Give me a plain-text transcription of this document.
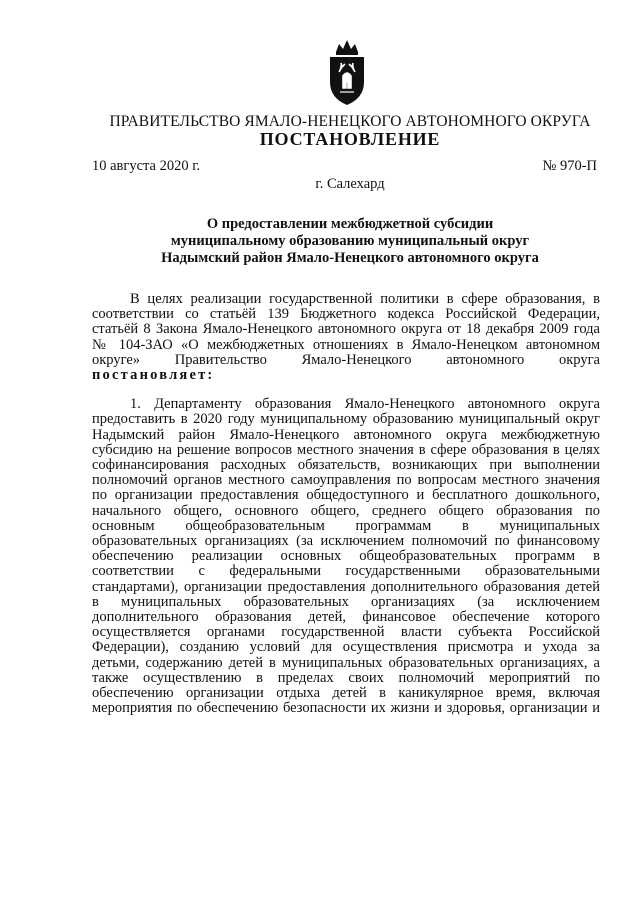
ПРАВИТЕЛЬСТВО ЯМАЛО-НЕНЕЦКОГО АВТОНОМНОГО ОКРУГА
ПОСТАНОВЛЕНИЕ
10 августа 2020 г.	№ 970-П
г. Салехард
О предоставлении межбюджетной субсидии
муниципальному образованию муниципальный округ
Надымский район Ямало-Ненецкого автономного округа
В целях реализации государственной политики в сфере образования, в
соответствии со статьёй 139 Бюджетного кодекса Российской Федерации,
статьёй 8 Закона Ямало-Ненецкого автономного округа от 18 декабря 2009 года
№ 104-ЗАО «О межбюджетных отношениях в Ямало-Ненецком автономном
округе» Правительство Ямало-Ненецкого автономного округа
постановляет:
1. Департаменту образования Ямало-Ненецкого автономного округа
предоставить в 2020 году муниципальному образованию муниципальный округ
Надымский район Ямало-Ненецкого автономного округа межбюджетную
субсидию на решение вопросов местного значения в сфере образования в целях
софинансирования расходных обязательств, возникающих при выполнении
полномочий органов местного самоуправления по вопросам местного значения
по организации предоставления общедоступного и бесплатного дошкольного,
начального общего, основного общего, среднего общего образования по
основным общеобразовательным программам в муниципальных
образовательных организациях (за исключением полномочий по финансовому
обеспечению реализации основных общеобразовательных программ в
соответствии с федеральными государственными образовательными
стандартами), организации предоставления дополнительного образования детей
в муниципальных образовательных организациях (за исключением
дополнительного образования детей, финансовое обеспечение которого
осуществляется органами государственной власти субъекта Российской
Федерации), созданию условий для осуществления присмотра и ухода за
детьми, содержанию детей в муниципальных образовательных организациях, а
также осуществлению в пределах своих полномочий мероприятий по
обеспечению организации отдыха детей в каникулярное время, включая
мероприятия по обеспечению безопасности их жизни и здоровья, организации и
